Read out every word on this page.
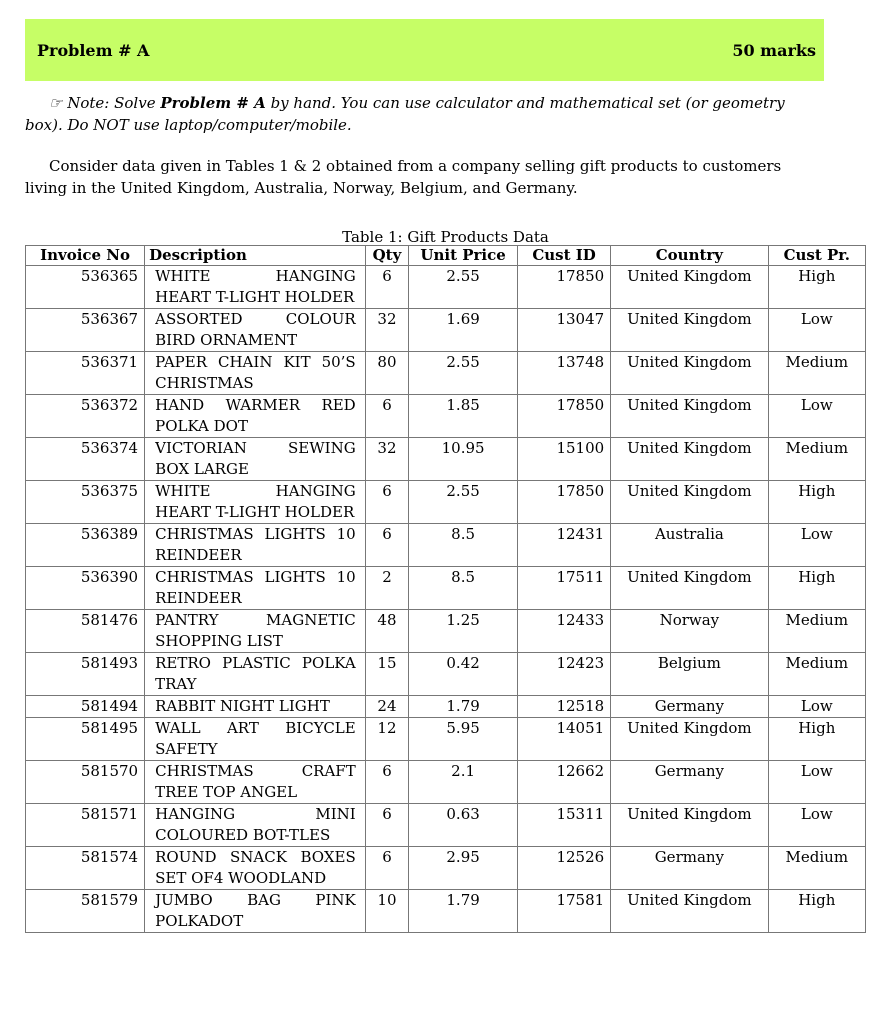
Problem # A	50 marks
☞ Note: Solve Problem # A by hand. You can use calculator and mathematical set (or geometry box). Do NOT use laptop/computer/mobile.
Consider data given in Tables 1 & 2 obtained from a company selling gift products to customers living in the United Kingdom, Australia, Norway, Belgium, and Germany.
Table 1: Gift Products Data
Invoice No	Description	Qty	Unit Price	Cust ID	Country	Cust Pr.
536365	WHITE HANGING HEART T-LIGHT HOLDER	6	2.55	17850	United Kingdom	High
536367	ASSORTED COLOUR BIRD ORNAMENT	32	1.69	13047	United Kingdom	Low
536371	PAPER CHAIN KIT 50’S CHRISTMAS	80	2.55	13748	United Kingdom	Medium
536372	HAND WARMER RED POLKA DOT	6	1.85	17850	United Kingdom	Low
536374	VICTORIAN SEWING BOX LARGE	32	10.95	15100	United Kingdom	Medium
536375	WHITE HANGING HEART T-LIGHT HOLDER	6	2.55	17850	United Kingdom	High
536389	CHRISTMAS LIGHTS 10 REINDEER	6	8.5	12431	Australia	Low
536390	CHRISTMAS LIGHTS 10 REINDEER	2	8.5	17511	United Kingdom	High
581476	PANTRY MAGNETIC SHOPPING LIST	48	1.25	12433	Norway	Medium
581493	RETRO PLASTIC POLKA TRAY	15	0.42	12423	Belgium	Medium
581494	RABBIT NIGHT LIGHT	24	1.79	12518	Germany	Low
581495	WALL ART BICYCLE SAFETY	12	5.95	14051	United Kingdom	High
581570	CHRISTMAS CRAFT TREE TOP ANGEL	6	2.1	12662	Germany	Low
581571	HANGING MINI COLOURED BOT-TLES	6	0.63	15311	United Kingdom	Low
581574	ROUND SNACK BOXES SET OF4 WOODLAND	6	2.95	12526	Germany	Medium
581579	JUMBO BAG PINK POLKADOT	10	1.79	17581	United Kingdom	High
